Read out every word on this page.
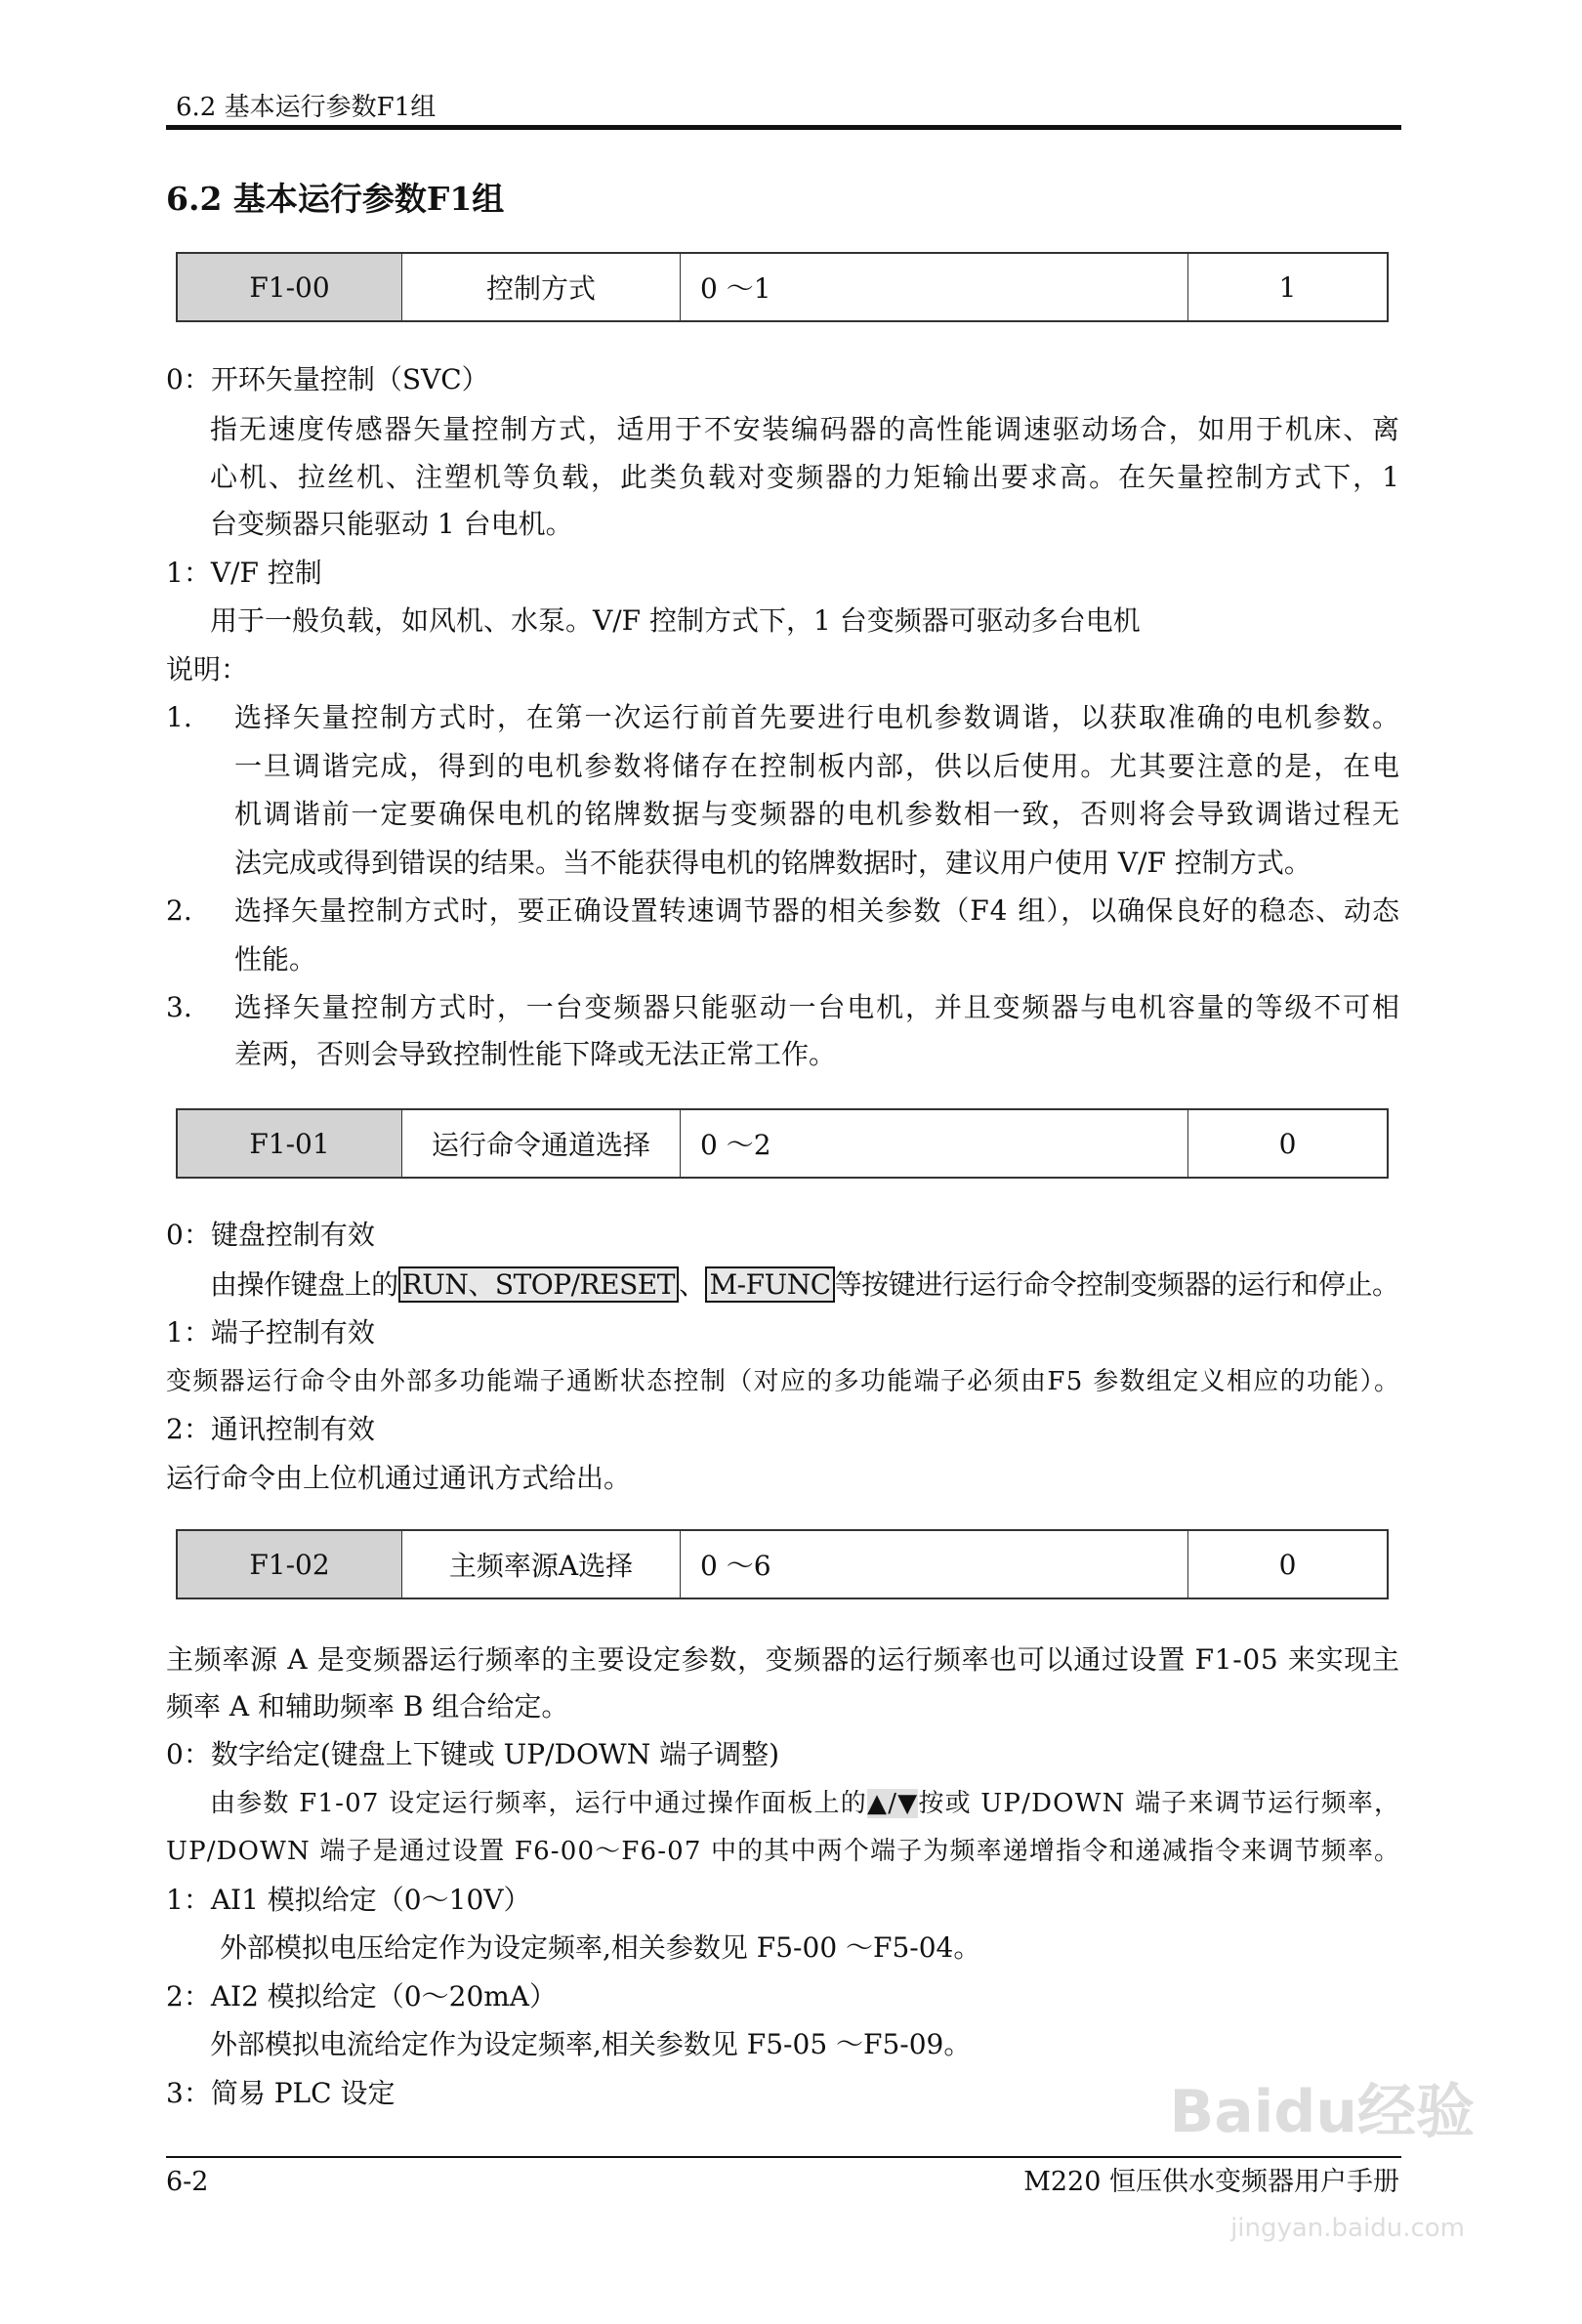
6.2 基本运行参数F1组
6.2 基本运行参数F1组
F1-00	控制方式	0 ～1	1
0：开环矢量控制（SVC）
指无速度传感器矢量控制方式，适用于不安装编码器的高性能调速驱动场合，如用于机床、离
心机、拉丝机、注塑机等负载，此类负载对变频器的力矩输出要求高。在矢量控制方式下，1
台变频器只能驱动 1 台电机。
1：V/F 控制
用于一般负载，如风机、水泵。V/F 控制方式下，1 台变频器可驱动多台电机
说明：
1. 选择矢量控制方式时，在第一次运行前首先要进行电机参数调谐，以获取准确的电机参数。
一旦调谐完成，得到的电机参数将储存在控制板内部，供以后使用。尤其要注意的是，在电
机调谐前一定要确保电机的铭牌数据与变频器的电机参数相一致，否则将会导致调谐过程无
法完成或得到错误的结果。当不能获得电机的铭牌数据时，建议用户使用 V/F 控制方式。
2. 选择矢量控制方式时，要正确设置转速调节器的相关参数（F4 组），以确保良好的稳态、动态
性能。
3. 选择矢量控制方式时，一台变频器只能驱动一台电机，并且变频器与电机容量的等级不可相
差两，否则会导致控制性能下降或无法正常工作。
F1-01	运行命令通道选择	0 ～2	0
0：键盘控制有效
由操作键盘上的 RUN、STOP/RESET 、 M-FUNC 等按键进行运行命令控制变频器的运行和停止。
1：端子控制有效
变频器运行命令由外部多功能端子通断状态控制（对应的多功能端子必须由F5 参数组定义相应的功能）。
2：通讯控制有效
运行命令由上位机通过通讯方式给出。
F1-02	主频率源A选择	0 ～6	0
主频率源 A 是变频器运行频率的主要设定参数，变频器的运行频率也可以通过设置 F1-05 来实现主
频率 A 和辅助频率 B 组合给定。
0：数字给定(键盘上下键或 UP/DOWN 端子调整)
由参数 F1-07 设定运行频率，运行中通过操作面板上的▲/▼按或 UP/DOWN 端子来调节运行频率，
UP/DOWN 端子是通过设置 F6-00～F6-07 中的其中两个端子为频率递增指令和递减指令来调节频率。
1：AI1 模拟给定（0～10V）
外部模拟电压给定作为设定频率,相关参数见 F5-00 ～F5-04。
2：AI2 模拟给定（0～20mA）
外部模拟电流给定作为设定频率,相关参数见 F5-05 ～F5-09。
3：简易 PLC 设定	Baidu经验
jingyan.baidu.com
6-2	M220 恒压供水变频器用户手册
